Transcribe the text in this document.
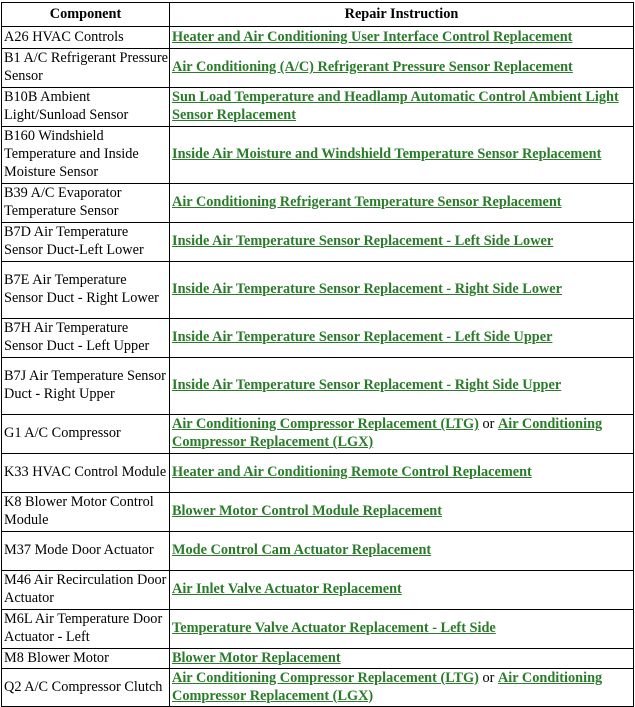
Component	Repair Instruction
A26 HVAC Controls	Heater and Air Conditioning User Interface Control Replacement
B1 A/C Refrigerant Pressure Sensor	Air Conditioning (A/C) Refrigerant Pressure Sensor Replacement
B10B Ambient Light/Sunload Sensor	Sun Load Temperature and Headlamp Automatic Control Ambient Light Sensor Replacement
B160 Windshield Temperature and Inside Moisture Sensor	Inside Air Moisture and Windshield Temperature Sensor Replacement
B39 A/C Evaporator Temperature Sensor	Air Conditioning Refrigerant Temperature Sensor Replacement
B7D Air Temperature Sensor Duct-Left Lower	Inside Air Temperature Sensor Replacement - Left Side Lower
B7E Air Temperature Sensor Duct - Right Lower	Inside Air Temperature Sensor Replacement - Right Side Lower
B7H Air Temperature Sensor Duct - Left Upper	Inside Air Temperature Sensor Replacement - Left Side Upper
B7J Air Temperature Sensor Duct - Right Upper	Inside Air Temperature Sensor Replacement - Right Side Upper
G1 A/C Compressor	Air Conditioning Compressor Replacement (LTG) or Air Conditioning Compressor Replacement (LGX)
K33 HVAC Control Module	Heater and Air Conditioning Remote Control Replacement
K8 Blower Motor Control Module	Blower Motor Control Module Replacement
M37 Mode Door Actuator	Mode Control Cam Actuator Replacement
M46 Air Recirculation Door Actuator	Air Inlet Valve Actuator Replacement
M6L Air Temperature Door Actuator - Left	Temperature Valve Actuator Replacement - Left Side
M8 Blower Motor	Blower Motor Replacement
Q2 A/C Compressor Clutch	Air Conditioning Compressor Replacement (LTG) or Air Conditioning Compressor Replacement (LGX)
